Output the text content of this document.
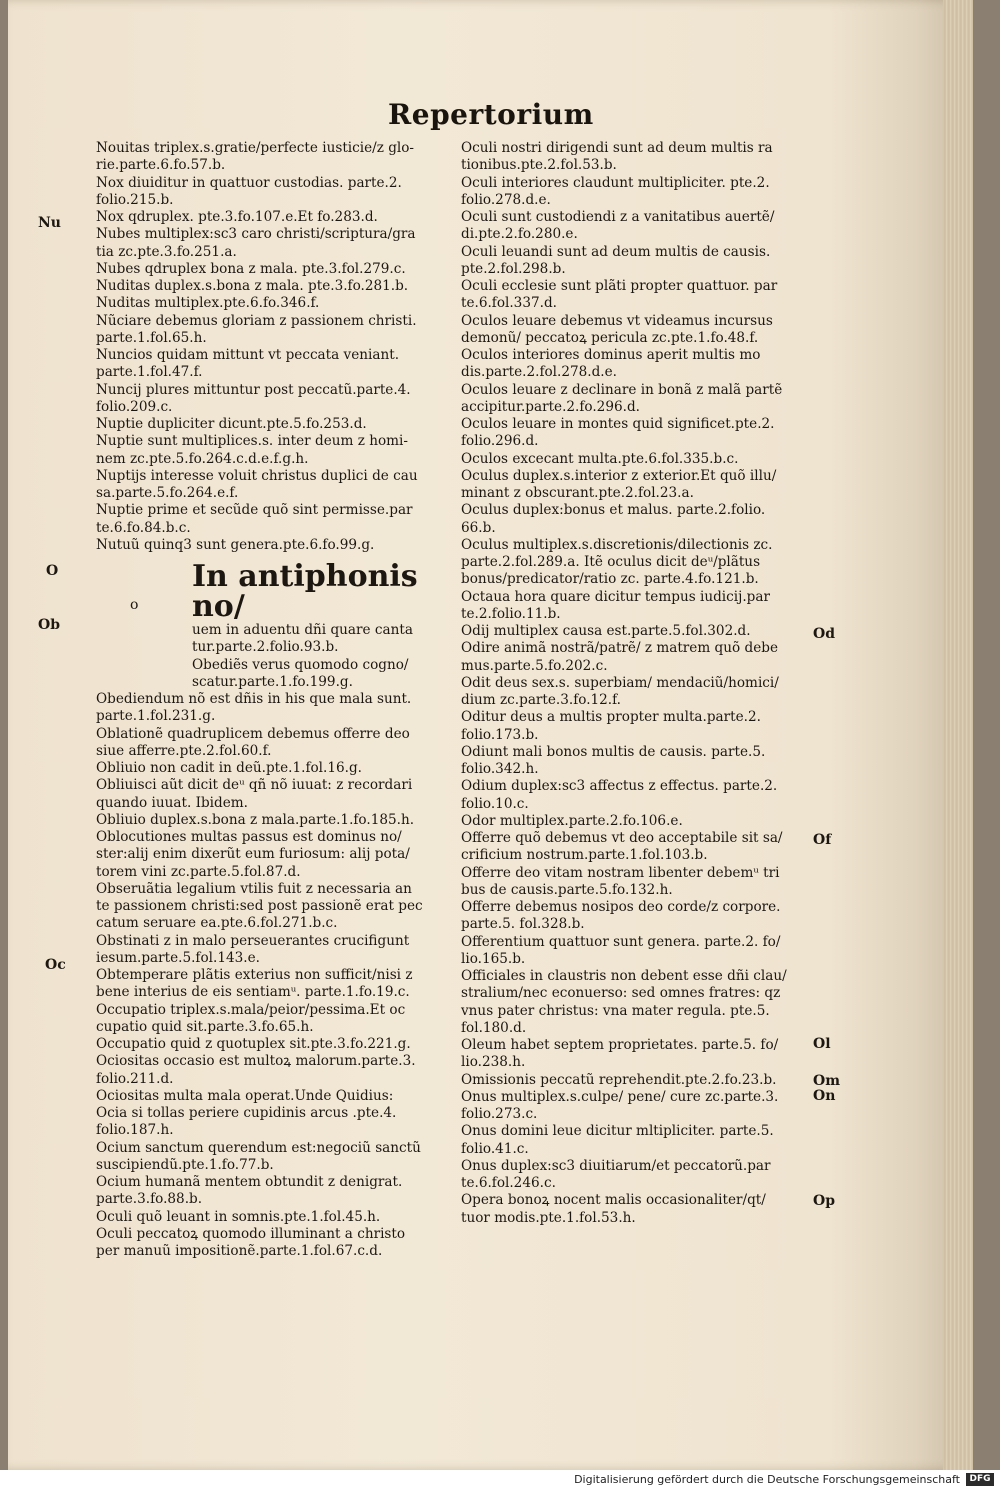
Repertorium
Nouitas triplex.s.gratie/perfecte iusticie/z glo-
rie.parte.6.fo.57.b.
Nox diuiditur in quattuor custodias. parte.2.
folio.215.b.
Nox qdruplex. pte.3.fo.107.e.Et fo.283.d.
Nubes multiplex:sc3 caro christi/scriptura/gra
tia zc.pte.3.fo.251.a.
Nubes qdruplex bona z mala. pte.3.fol.279.c.
Nuditas duplex.s.bona z mala. pte.3.fo.281.b.
Nuditas multiplex.pte.6.fo.346.f.
Nũciare debemus gloriam z passionem christi.
parte.1.fol.65.h.
Nuncios quidam mittunt vt peccata veniant.
parte.1.fol.47.f.
Nuncij plures mittuntur post peccatũ.parte.4.
folio.209.c.
Nuptie dupliciter dicunt.pte.5.fo.253.d.
Nuptie sunt multiplices.s. inter deum z homi-
nem zc.pte.5.fo.264.c.d.e.f.g.h.
Nuptijs interesse voluit christus duplici de cau
sa.parte.5.fo.264.e.f.
Nuptie prime et secũde quõ sint permisse.par
te.6.fo.84.b.c.
Nutuũ quinq3 sunt genera.pte.6.fo.99.g.
In antiphonis no/
uem in aduentu dñi quare canta
tur.parte.2.folio.93.b.
Obediẽs verus quomodo cogno/
scatur.parte.1.fo.199.g.
Obediendum nõ est dñis in his que mala sunt.
parte.1.fol.231.g.
Oblationẽ quadruplicem debemus offerre deo
siue afferre.pte.2.fol.60.f.
Obliuio non cadit in deũ.pte.1.fol.16.g.
Obliuisci aũt dicit deᵘ qñ nõ iuuat: z recordari
quando iuuat. Ibidem.
Obliuio duplex.s.bona z mala.parte.1.fo.185.h.
Oblocutiones multas passus est dominus no/
ster:alij enim dixerũt eum furiosum: alij pota/
torem vini zc.parte.5.fol.87.d.
Obseruãtia legalium vtilis fuit z necessaria an
te passionem christi:sed post passionẽ erat pec
catum seruare ea.pte.6.fol.271.b.c.
Obstinati z in malo perseuerantes crucifigunt
iesum.parte.5.fol.143.e.
Obtemperare plãtis exterius non sufficit/nisi z
bene interius de eis sentiamᵘ. parte.1.fo.19.c.
Occupatio triplex.s.mala/peior/pessima.Et oc
cupatio quid sit.parte.3.fo.65.h.
Occupatio quid z quotuplex sit.pte.3.fo.221.g.
Ociositas occasio est multoꝝ malorum.parte.3.
folio.211.d.
Ociositas multa mala operat.Unde Quidius:
Ocia si tollas periere cupidinis arcus .pte.4.
folio.187.h.
Ocium sanctum querendum est:negociũ sanctũ
suscipiendũ.pte.1.fo.77.b.
Ocium humanã mentem obtundit z denigrat.
parte.3.fo.88.b.
Oculi quõ leuant in somnis.pte.1.fol.45.h.
Oculi peccatoꝝ quomodo illuminant a christo
per manuũ impositionẽ.parte.1.fol.67.c.d.
Oculi nostri dirigendi sunt ad deum multis ra
tionibus.pte.2.fol.53.b.
Oculi interiores claudunt multipliciter. pte.2.
folio.278.d.e.
Oculi sunt custodiendi z a vanitatibus auertẽ/
di.pte.2.fo.280.e.
Oculi leuandi sunt ad deum multis de causis.
pte.2.fol.298.b.
Oculi ecclesie sunt plãti propter quattuor. par
te.6.fol.337.d.
Oculos leuare debemus vt videamus incursus
demonũ/ peccatoꝝ pericula zc.pte.1.fo.48.f.
Oculos interiores dominus aperit multis mo
dis.parte.2.fol.278.d.e.
Oculos leuare z declinare in bonã z malã partẽ
accipitur.parte.2.fo.296.d.
Oculos leuare in montes quid significet.pte.2.
folio.296.d.
Oculos excecant multa.pte.6.fol.335.b.c.
Oculus duplex.s.interior z exterior.Et quõ illu/
minant z obscurant.pte.2.fol.23.a.
Oculus duplex:bonus et malus. parte.2.folio.
66.b.
Oculus multiplex.s.discretionis/dilectionis zc.
parte.2.fol.289.a. Itẽ oculus dicit deᵘ/plãtus
bonus/predicator/ratio zc. parte.4.fo.121.b.
Octaua hora quare dicitur tempus iudicij.par
te.2.folio.11.b.
Odij multiplex causa est.parte.5.fol.302.d.
Odire animã nostrã/patrẽ/ z matrem quõ debe
mus.parte.5.fo.202.c.
Odit deus sex.s. superbiam/ mendaciũ/homici/
dium zc.parte.3.fo.12.f.
Oditur deus a multis propter multa.parte.2.
folio.173.b.
Odiunt mali bonos multis de causis. parte.5.
folio.342.h.
Odium duplex:sc3 affectus z effectus. parte.2.
folio.10.c.
Odor multiplex.parte.2.fo.106.e.
Offerre quõ debemus vt deo acceptabile sit sa/
crificium nostrum.parte.1.fol.103.b.
Offerre deo vitam nostram libenter debemᵘ tri
bus de causis.parte.5.fo.132.h.
Offerre debemus nosipos deo corde/z corpore.
parte.5. fol.328.b.
Offerentium quattuor sunt genera. parte.2. fo/
lio.165.b.
Officiales in claustris non debent esse dñi clau/
stralium/nec econuerso: sed omnes fratres: qz
vnus pater christus: vna mater regula. pte.5.
fol.180.d.
Oleum habet septem proprietates. parte.5. fo/
lio.238.h.
Omissionis peccatũ reprehendit.pte.2.fo.23.b.
Onus multiplex.s.culpe/ pene/ cure zc.parte.3.
folio.273.c.
Onus domini leue dicitur mltipliciter. parte.5.
folio.41.c.
Onus duplex:sc3 diuitiarum/et peccatorũ.par
te.6.fol.246.c.
Opera bonoꝝ nocent malis occasionaliter/qt/
tuor modis.pte.1.fol.53.h.
Nu
O
o
Ob
Oc
Od
Of
Ol
Om
On
Op
Digitalisierung gefördert durch die Deutsche Forschungsgemeinschaft	DFG
